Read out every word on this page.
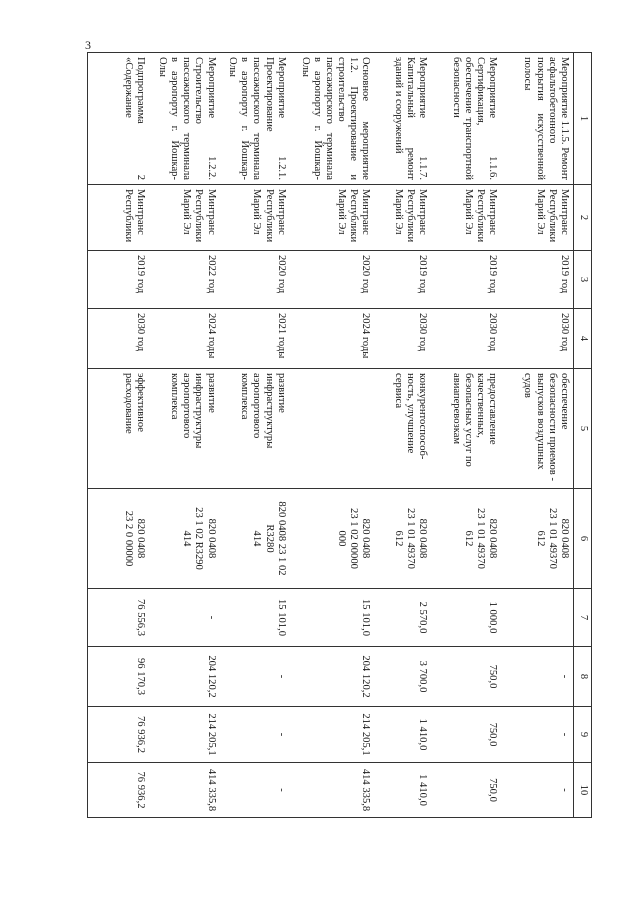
3
1	2	3	4	5	6	7	8	9	10
Мероприятие 1.1.5. Ремонт асфальтобетонного покрытия искусственной полосы	Минтранс
Республики
Марий Эл	2019 год	2030 год	обеспечение безопасности приемов - выпусков воздушных судов	820 0408
23 1 01 49370
612		-	-	-
Мероприятие 1.1.6. Сертификация, обеспечение транспортной безопасности	Минтранс
Республики
Марий Эл	2019 год	2030 год	предоставление качественных, безопасных услуг по авиаперевозкам	820 0408
23 1 01 49370
612	1 000,0	750,0	750,0	750,0
Мероприятие 1.1.7. Капитальный ремонт зданий и сооружений	Минтранс
Республики
Марий Эл	2019 год	2030 год	конкурентоспособ-ность, улучшение сервиса	820 0408
23 1 01 49370
612	2 570,0	3 700,0	1 410,0	1 410,0
Основное мероприятие 1.2. Проектирование и строительство пассажирского терминала в аэропорту г. Йошкар-Олы	Минтранс
Республики
Марий Эл	2020 год	2024 годы		820 0408
23 1 02 00000
000	15 101,0	204 120,2	214 205,1	414 335,8
Мероприятие 1.2.1. Проектирование пассажирского терминала в аэропорту г. Йошкар-Олы	Минтранс
Республики
Марий Эл	2020 год	2021 годы	развитие инфраструктуры аэропортового комплекса	820 0408 23 1 02
R3280
414	15 101,0	-	-	-
Мероприятие 1.2.2. Строительство пассажирского терминала в аэропорту г. Йошкар-Олы	Минтранс
Республики
Марий Эл	2022 год	2024 годы	развитие инфраструктуры аэропортового комплекса	820 0408
23 1 02 R3290
414	-	204 120,2	214 205,1	414 335,8
Подпрограмма 2 «Содержание	Минтранс
Республики	2019 год	2030 год	эффективное расходование	820 0408
23 2 0 00000	76 556,3	96 170,3	76 936,2	76 936,2
